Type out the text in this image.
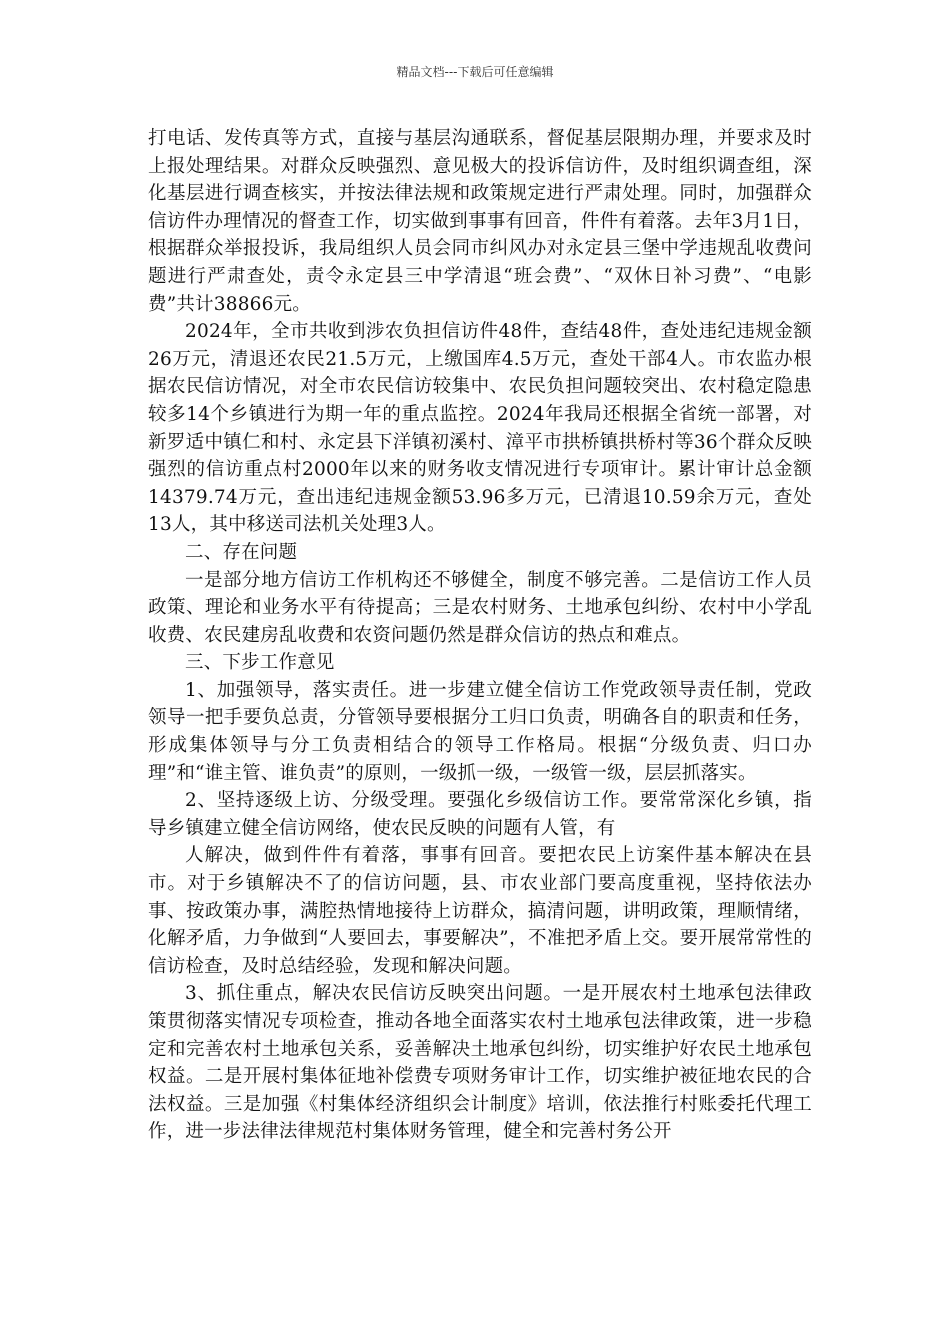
精品文档---下载后可任意编辑

打电话、发传真等方式，直接与基层沟通联系，督促基层限期办理，并要求及时上报处理结果。对群众反映强烈、意见极大的投诉信访件，及时组织调查组，深化基层进行调查核实，并按法律法规和政策规定进行严肃处理。同时，加强群众信访件办理情况的督查工作，切实做到事事有回音，件件有着落。去年3月1日，根据群众举报投诉，我局组织人员会同市纠风办对永定县三堡中学违规乱收费问题进行严肃查处，责令永定县三中学清退“班会费”、“双休日补习费”、“电影费”共计38866元。

2024年，全市共收到涉农负担信访件48件，查结48件，查处违纪违规金额26万元，清退还农民21.5万元，上缴国库4.5万元，查处干部4人。市农监办根据农民信访情况，对全市农民信访较集中、农民负担问题较突出、农村稳定隐患较多14个乡镇进行为期一年的重点监控。2024年我局还根据全省统一部署，对新罗适中镇仁和村、永定县下洋镇初溪村、漳平市拱桥镇拱桥村等36个群众反映强烈的信访重点村2000年以来的财务收支情况进行专项审计。累计审计总金额14379.74万元，查出违纪违规金额53.96多万元，已清退10.59余万元，查处13人，其中移送司法机关处理3人。

二、存在问题

一是部分地方信访工作机构还不够健全，制度不够完善。二是信访工作人员政策、理论和业务水平有待提高；三是农村财务、土地承包纠纷、农村中小学乱收费、农民建房乱收费和农资问题仍然是群众信访的热点和难点。

三、下步工作意见

1、加强领导，落实责任。进一步建立健全信访工作党政领导责任制，党政领导一把手要负总责，分管领导要根据分工归口负责，明确各自的职责和任务，形成集体领导与分工负责相结合的领导工作格局。根据“分级负责、归口办理”和“谁主管、谁负责”的原则，一级抓一级，一级管一级，层层抓落实。

2、坚持逐级上访、分级受理。要强化乡级信访工作。要常常深化乡镇，指导乡镇建立健全信访网络，使农民反映的问题有人管，有

人解决，做到件件有着落，事事有回音。要把农民上访案件基本解决在县市。对于乡镇解决不了的信访问题，县、市农业部门要高度重视，坚持依法办事、按政策办事，满腔热情地接待上访群众，搞清问题，讲明政策，理顺情绪，化解矛盾，力争做到“人要回去，事要解决”，不准把矛盾上交。要开展常常性的信访检查，及时总结经验，发现和解决问题。

3、抓住重点，解决农民信访反映突出问题。一是开展农村土地承包法律政策贯彻落实情况专项检查，推动各地全面落实农村土地承包法律政策，进一步稳定和完善农村土地承包关系，妥善解决土地承包纠纷，切实维护好农民土地承包权益。二是开展村集体征地补偿费专项财务审计工作，切实维护被征地农民的合法权益。三是加强《村集体经济组织会计制度》培训，依法推行村账委托代理工作，进一步法律法律规范村集体财务管理，健全和完善村务公开
